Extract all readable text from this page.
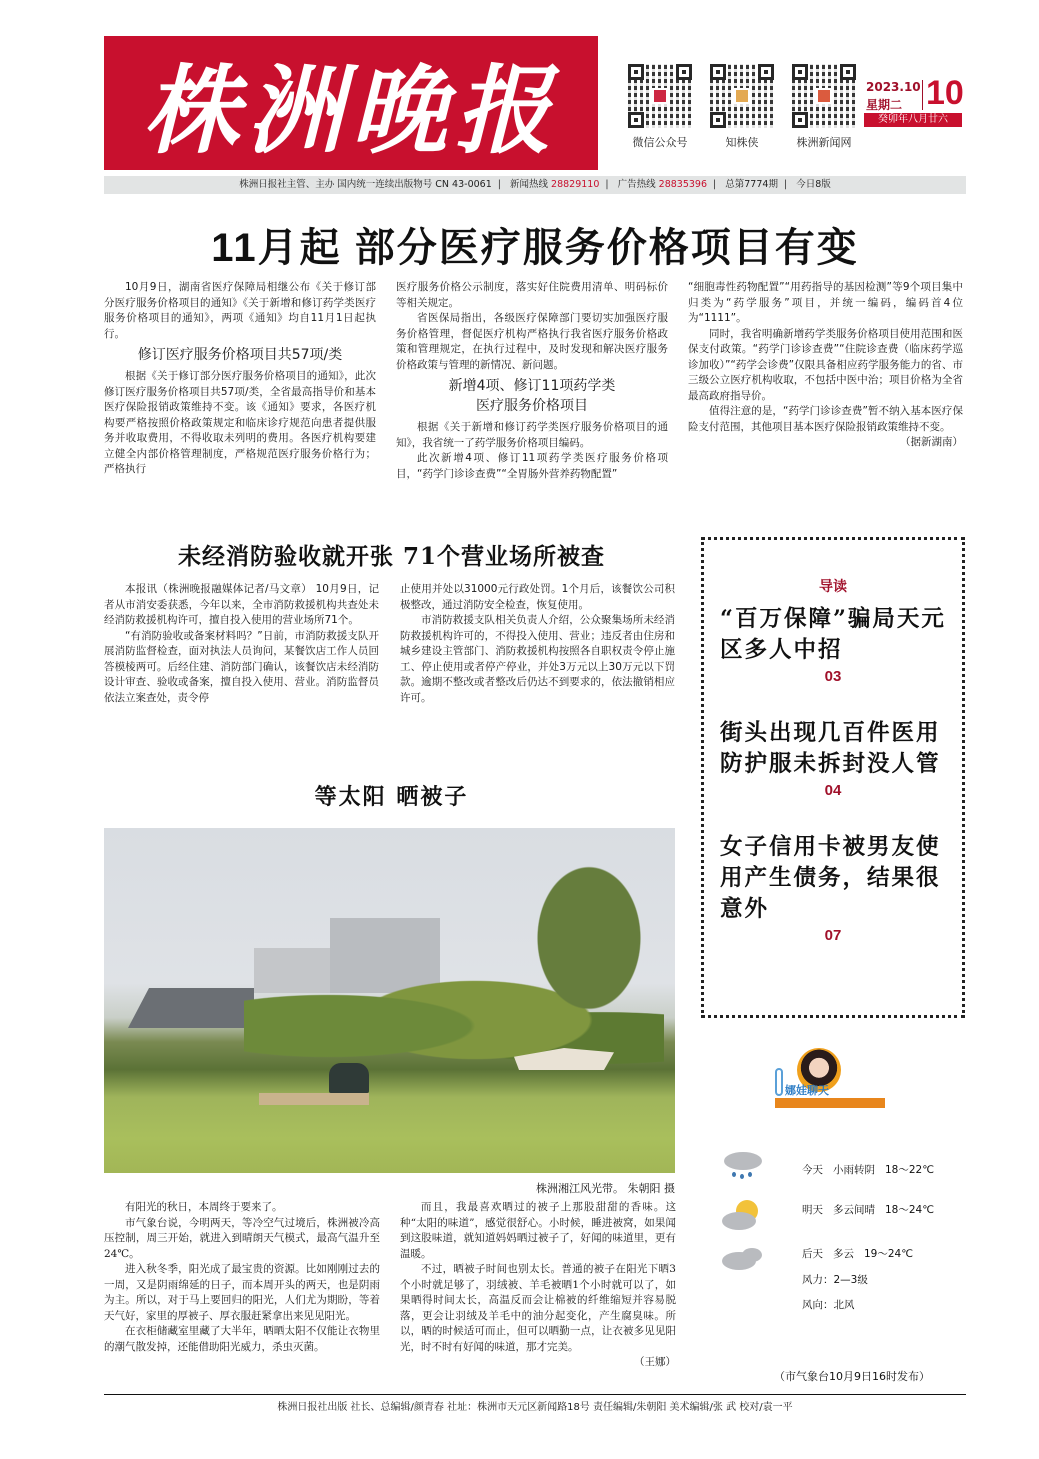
株洲晚报	微信公众号	知株侠	株洲新闻网
2023.10
星期二 10
癸卯年八月廿六
株洲日报社主管、主办 国内统一连续出版物号 CN 43-0061 | 新闻热线 28829110 | 广告热线 28835396 | 总第7774期 | 今日8版
11月起 部分医疗服务价格项目有变

10月9日，湖南省医疗保障局相继公布《关于修订部分医疗服务价格项目的通知》《关于新增和修订药学类医疗服务价格项目的通知》，两项《通知》均自11月1日起执行。

修订医疗服务价格项目共57项/类

根据《关于修订部分医疗服务价格项目的通知》，此次修订医疗服务价格项目共57项/类，全省最高指导价和基本医疗保险报销政策维持不变。该《通知》要求，各医疗机构要严格按照价格政策规定和临床诊疗规范向患者提供服务并收取费用，不得收取未列明的费用。各医疗机构要建立健全内部价格管理制度，严格规范医疗服务价格行为；严格执行

医疗服务价格公示制度，落实好住院费用清单、明码标价等相关规定。

省医保局指出，各级医疗保障部门要切实加强医疗服务价格管理，督促医疗机构严格执行我省医疗服务价格政策和管理规定，在执行过程中，及时发现和解决医疗服务价格政策与管理的新情况、新问题。

新增4项、修订11项药学类
医疗服务价格项目

根据《关于新增和修订药学类医疗服务价格项目的通知》，我省统一了药学服务价格项目编码。

此次新增4项、修订11项药学类医疗服务价格项目，“药学门诊诊查费”“全胃肠外营养药物配置”

“细胞毒性药物配置”“用药指导的基因检测”等9个项目集中归类为“药学服务”项目，并统一编码，编码首4位为“1111”。

同时，我省明确新增药学类服务价格项目使用范围和医保支付政策。“药学门诊诊查费”“住院诊查费（临床药学巡诊加收）”“药学会诊费”仅限具备相应药学服务能力的省、市三级公立医疗机构收取，不包括中医中治；项目价格为全省最高政府指导价。

值得注意的是，“药学门诊诊查费”暂不纳入基本医疗保险支付范围，其他项目基本医疗保险报销政策维持不变。

（据新湖南）

未经消防验收就开张 71个营业场所被查

本报讯（株洲晚报融媒体记者/马文章） 10月9日，记者从市消安委获悉，今年以来，全市消防救援机构共查处未经消防救援机构许可，擅自投入使用的营业场所71个。

“有消防验收或备案材料吗？”日前，市消防救援支队开展消防监督检查，面对执法人员询问，某餐饮店工作人员回答模棱两可。后经住建、消防部门确认，该餐饮店未经消防设计审查、验收或备案，擅自投入使用、营业。消防监督员依法立案查处，责令停

止使用并处以31000元行政处罚。1个月后，该餐饮公司积极整改，通过消防安全检查，恢复使用。

市消防救援支队相关负责人介绍，公众聚集场所未经消防救援机构许可的，不得投入使用、营业；违反者由住房和城乡建设主管部门、消防救援机构按照各自职权责令停止施工、停止使用或者停产停业，并处3万元以上30万元以下罚款。逾期不整改或者整改后仍达不到要求的，依法撤销相应许可。

导读
“百万保障”骗局天元区多人中招
03
街头出现几百件医用防护服未拆封没人管
04
女子信用卡被男友使用产生债务，结果很意外
07
等太阳 晒被子
株洲湘江风光带。 朱朝阳 摄

有阳光的秋日，本周终于要来了。

市气象台说，今明两天，等冷空气过境后，株洲被冷高压控制，周三开始，就进入到晴朗天气模式，最高气温升至24℃。

进入秋冬季，阳光成了最宝贵的资源。比如刚刚过去的一周，又是阴雨绵延的日子，而本周开头的两天，也是阴雨为主。所以，对于马上要回归的阳光，人们尤为期盼，等着天气好，家里的厚被子、厚衣服赶紧拿出来见见阳光。

在衣柜储藏室里藏了大半年，晒晒太阳不仅能让衣物里的潮气散发掉，还能借助阳光威力，杀虫灭菌。

而且，我最喜欢晒过的被子上那股甜甜的香味。这种“太阳的味道”，感觉很舒心。小时候，睡进被窝，如果闻到这股味道，就知道妈妈晒过被子了，好闻的味道里，更有温暖。

不过，晒被子时间也别太长。普通的被子在阳光下晒3个小时就足够了，羽绒被、羊毛被晒1个小时就可以了，如果晒得时间太长，高温反而会让棉被的纤维缩短并容易脱落，更会让羽绒及羊毛中的油分起变化，产生腐臭味。所以，晒的时候适可而止，但可以晒勤一点，让衣被多见见阳光，时不时有好闻的味道，那才完美。

（王娜）

娜娃聊天
今天 小雨转阴 18～22℃
明天 多云间晴 18～24℃
后天 多云 19～24℃
风力：2—3级
风向：北风
（市气象台10月9日16时发布）
株洲日报社出版 社长、总编辑/颜青春 社址：株洲市天元区新闻路18号 责任编辑/朱朝阳 美术编辑/张 武 校对/袁一平
